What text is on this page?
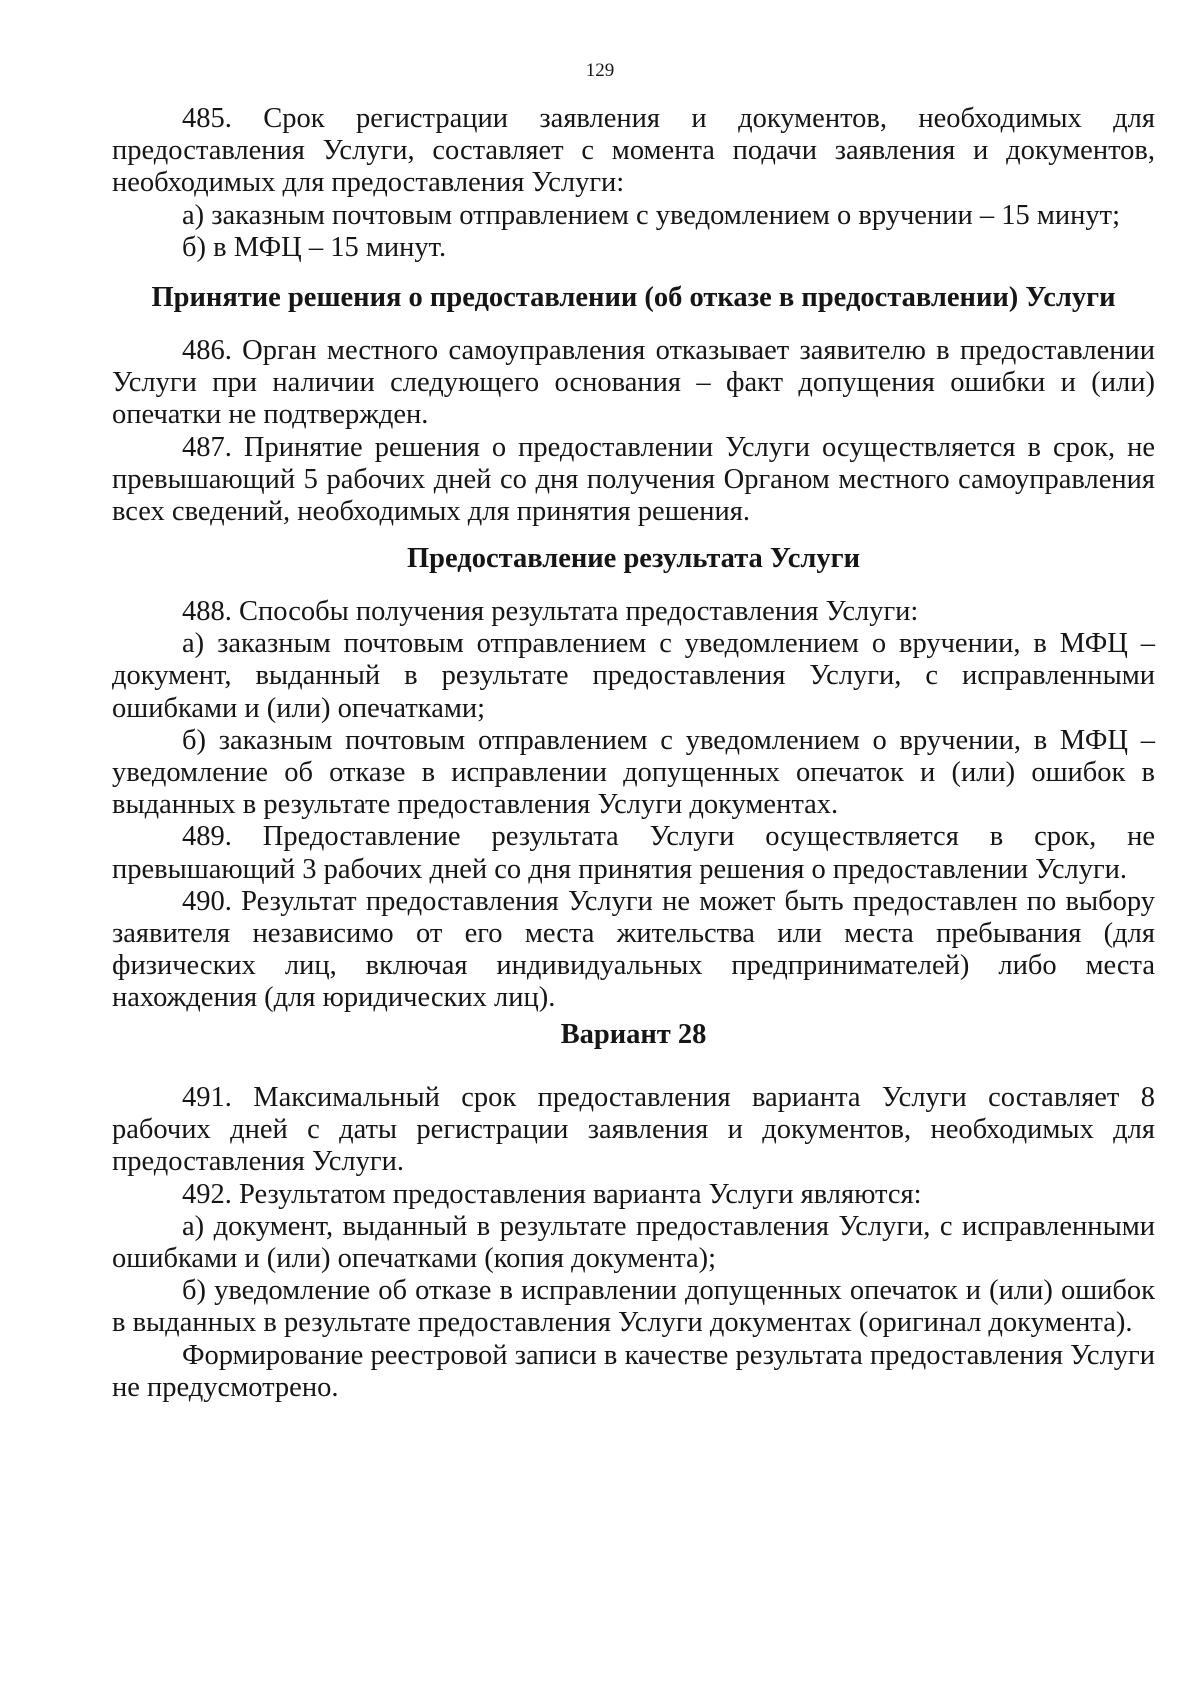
129

485. Срок регистрации заявления и документов, необходимых для предоставления Услуги, составляет с момента подачи заявления и документов, необходимых для предоставления Услуги:

а) заказным почтовым отправлением с уведомлением о вручении – 15 минут;

б) в МФЦ – 15 минут.

Принятие решения о предоставлении (об отказе в предоставлении) Услуги

486. Орган местного самоуправления отказывает заявителю в предоставлении Услуги при наличии следующего основания – факт допущения ошибки и (или) опечатки не подтвержден.

487. Принятие решения о предоставлении Услуги осуществляется в срок, не превышающий 5 рабочих дней со дня получения Органом местного самоуправления всех сведений, необходимых для принятия решения.

Предоставление результата Услуги

488. Способы получения результата предоставления Услуги:

а) заказным почтовым отправлением с уведомлением о вручении, в МФЦ – документ, выданный в результате предоставления Услуги, с исправленными ошибками и (или) опечатками;

б) заказным почтовым отправлением с уведомлением о вручении, в МФЦ – уведомление об отказе в исправлении допущенных опечаток и (или) ошибок в выданных в результате предоставления Услуги документах.

489. Предоставление результата Услуги осуществляется в срок, не превышающий 3 рабочих дней со дня принятия решения о предоставлении Услуги.

490. Результат предоставления Услуги не может быть предоставлен по выбору заявителя независимо от его места жительства или места пребывания (для физических лиц, включая индивидуальных предпринимателей) либо места нахождения (для юридических лиц).

Вариант 28

491. Максимальный срок предоставления варианта Услуги составляет 8 рабочих дней с даты регистрации заявления и документов, необходимых для предоставления Услуги.

492. Результатом предоставления варианта Услуги являются:

а) документ, выданный в результате предоставления Услуги, с исправленными ошибками и (или) опечатками (копия документа);

б) уведомление об отказе в исправлении допущенных опечаток и (или) ошибок в выданных в результате предоставления Услуги документах (оригинал документа).

Формирование реестровой записи в качестве результата предоставления Услуги не предусмотрено.
